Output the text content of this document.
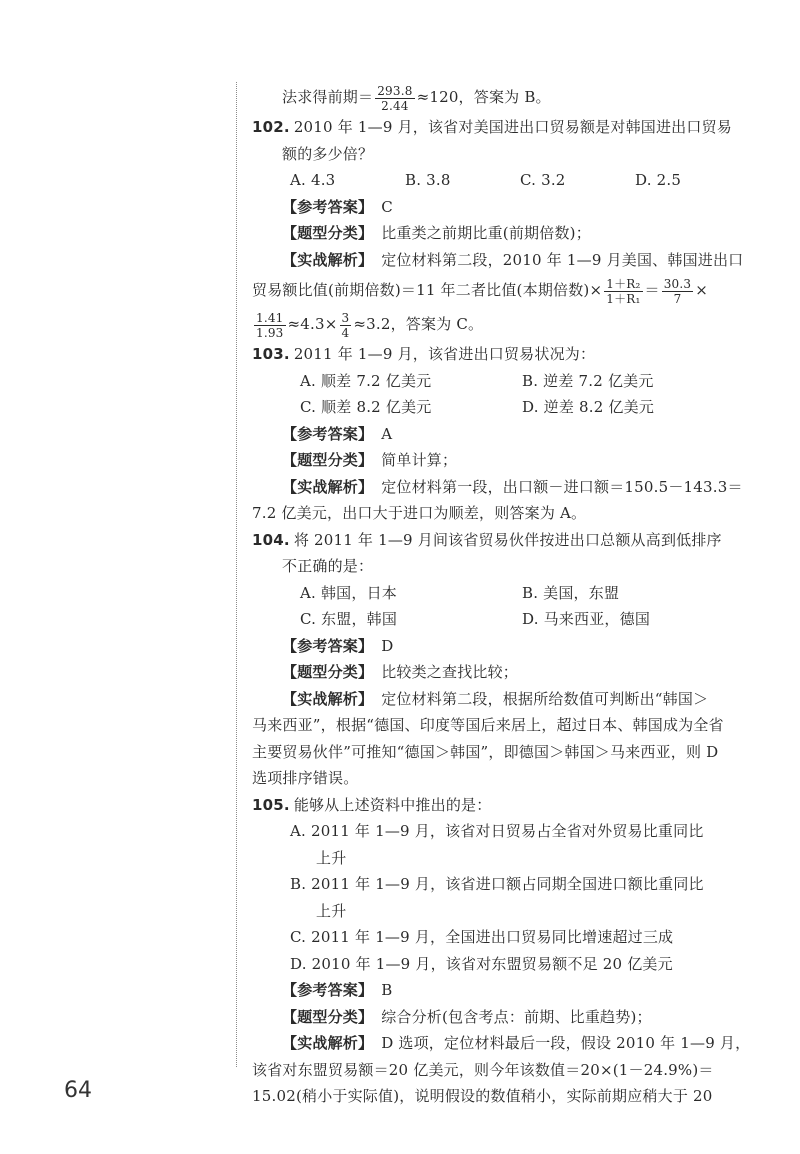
法求得前期＝ $\frac{293.8}{2.44} \approx 120$，答案为 B。
102. 2010 年 1—9 月，该省对美国进出口贸易额是对韩国进出口贸易
额的多少倍？
A. 4.3	B. 3.8	C. 3.2	D. 2.5
【参考答案】 C
【题型分类】 比重类之前期比重(前期倍数)；
【实战解析】 定位材料第二段，2010 年 1—9 月美国、韩国进出口
贸易额比值(前期倍数)＝11 年二者比值(本期倍数)× $\frac{\text{1＋R₂}}{\text{1＋R₁}} = \frac{30.3}{7}$ ×
$\frac{1.41}{1.93} \approx 4.3\times \frac{3}{4} \approx 3.2$，答案为 C。
103. 2011 年 1—9 月，该省进出口贸易状况为：
A. 顺差 7.2 亿美元	B. 逆差 7.2 亿美元
C. 顺差 8.2 亿美元	D. 逆差 8.2 亿美元
【参考答案】 A
【题型分类】 简单计算；
【实战解析】 定位材料第一段，出口额－进口额＝150.5－143.3＝
7.2 亿美元，出口大于进口为顺差，则答案为 A。
104. 将 2011 年 1—9 月间该省贸易伙伴按进出口总额从高到低排序
不正确的是：
A. 韩国，日本	B. 美国，东盟
C. 东盟，韩国	D. 马来西亚，德国
【参考答案】 D
【题型分类】 比较类之查找比较；
【实战解析】 定位材料第二段，根据所给数值可判断出“韩国＞
马来西亚”，根据“德国、印度等国后来居上，超过日本、韩国成为全省
主要贸易伙伴”可推知“德国＞韩国”，即德国＞韩国＞马来西亚，则 D
选项排序错误。
105. 能够从上述资料中推出的是：
A. 2011 年 1—9 月，该省对日贸易占全省对外贸易比重同比
上升
B. 2011 年 1—9 月，该省进口额占同期全国进口额比重同比
上升
C. 2011 年 1—9 月，全国进出口贸易同比增速超过三成
D. 2010 年 1—9 月，该省对东盟贸易额不足 20 亿美元
【参考答案】 B
【题型分类】 综合分析(包含考点：前期、比重趋势)；
【实战解析】 D 选项，定位材料最后一段，假设 2010 年 1—9 月，
该省对东盟贸易额＝20 亿美元，则今年该数值＝20×(1－24.9%)＝
15.02(稍小于实际值)，说明假设的数值稍小，实际前期应稍大于 20
64
